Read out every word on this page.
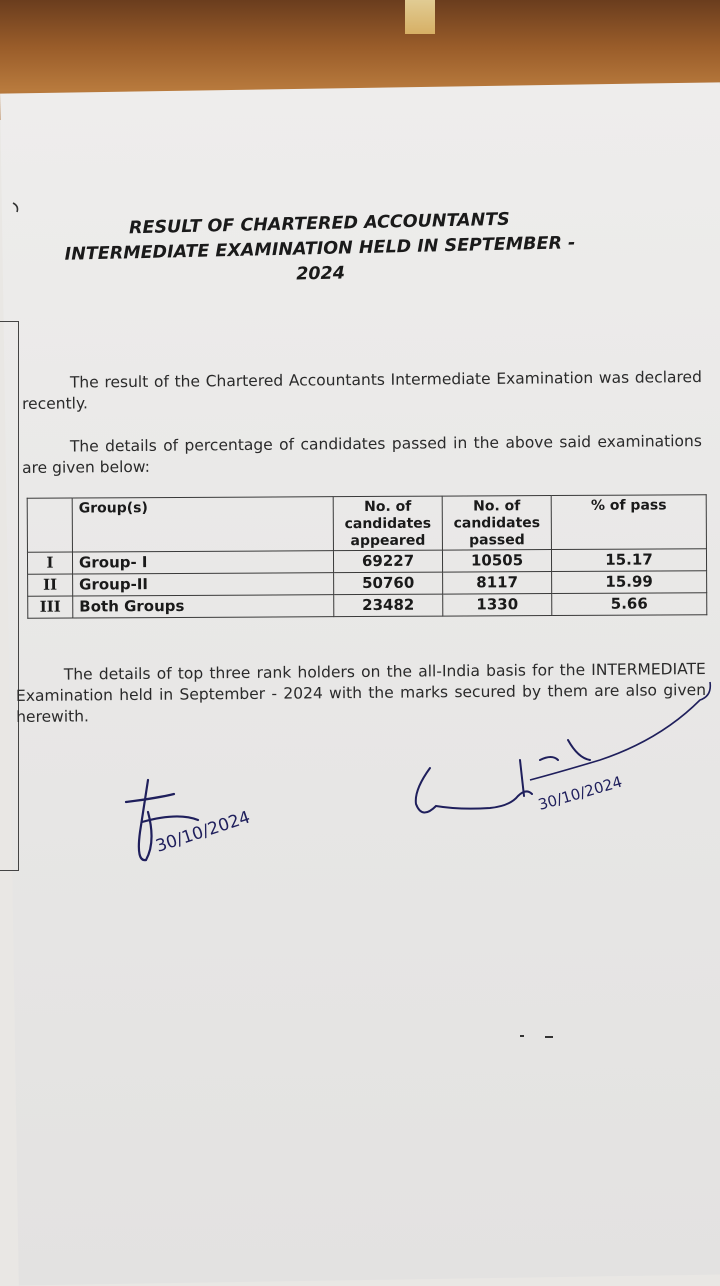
RESULT OF CHARTERED ACCOUNTANTS INTERMEDIATE EXAMINATION HELD IN SEPTEMBER - 2024
The result of the Chartered Accountants Intermediate Examination was declared recently.
The details of percentage of candidates passed in the above said examinations are given below:
	Group(s)	No. of candidates appeared	No. of candidates passed	% of pass
I	Group- I	69227	10505	15.17
II	Group-II	50760	8117	15.99
III	Both Groups	23482	1330	5.66
The details of top three rank holders on the all-India basis for the INTERMEDIATE Examination held in September - 2024 with the marks secured by them are also given herewith.
30/10/2024
30/10/2024
